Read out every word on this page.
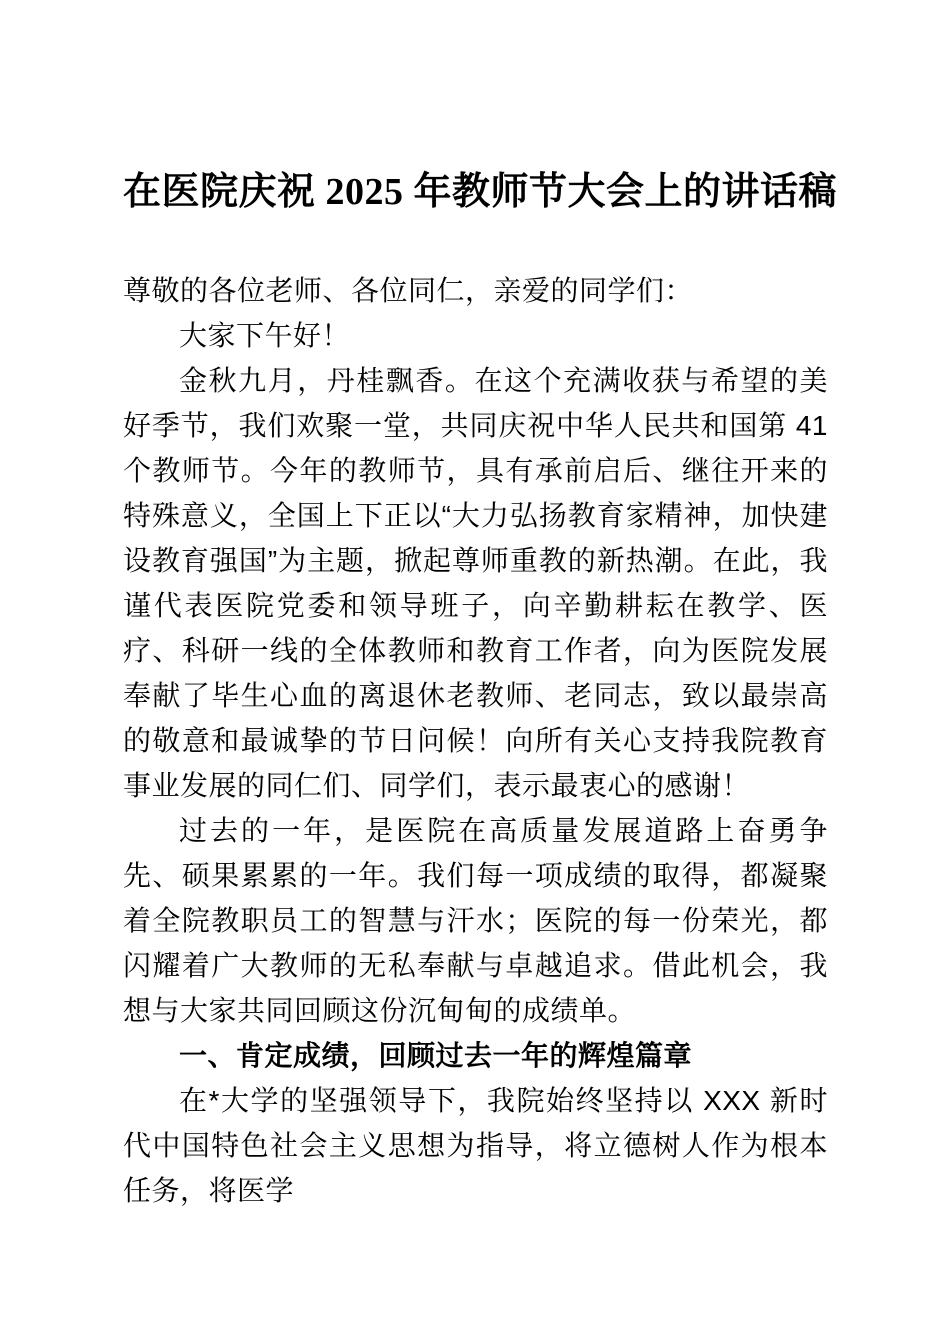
在医院庆祝 2025 年教师节大会上的讲话稿

尊敬的各位老师、各位同仁，亲爱的同学们：

大家下午好！

金秋九月，丹桂飘香。在这个充满收获与希望的美好季节，我们欢聚一堂，共同庆祝中华人民共和国第 41 个教师节。今年的教师节，具有承前启后、继往开来的特殊意义，全国上下正以“大力弘扬教育家精神，加快建设教育强国”为主题，掀起尊师重教的新热潮。在此，我谨代表医院党委和领导班子，向辛勤耕耘在教学、医疗、科研一线的全体教师和教育工作者，向为医院发展奉献了毕生心血的离退休老教师、老同志，致以最崇高的敬意和最诚挚的节日问候！向所有关心支持我院教育事业发展的同仁们、同学们，表示最衷心的感谢！

过去的一年，是医院在高质量发展道路上奋勇争先、硕果累累的一年。我们每一项成绩的取得，都凝聚着全院教职员工的智慧与汗水；医院的每一份荣光，都闪耀着广大教师的无私奉献与卓越追求。借此机会，我想与大家共同回顾这份沉甸甸的成绩单。

一、肯定成绩，回顾过去一年的辉煌篇章

在*大学的坚强领导下，我院始终坚持以 XXX 新时代中国特色社会主义思想为指导，将立德树人作为根本任务，将医学
